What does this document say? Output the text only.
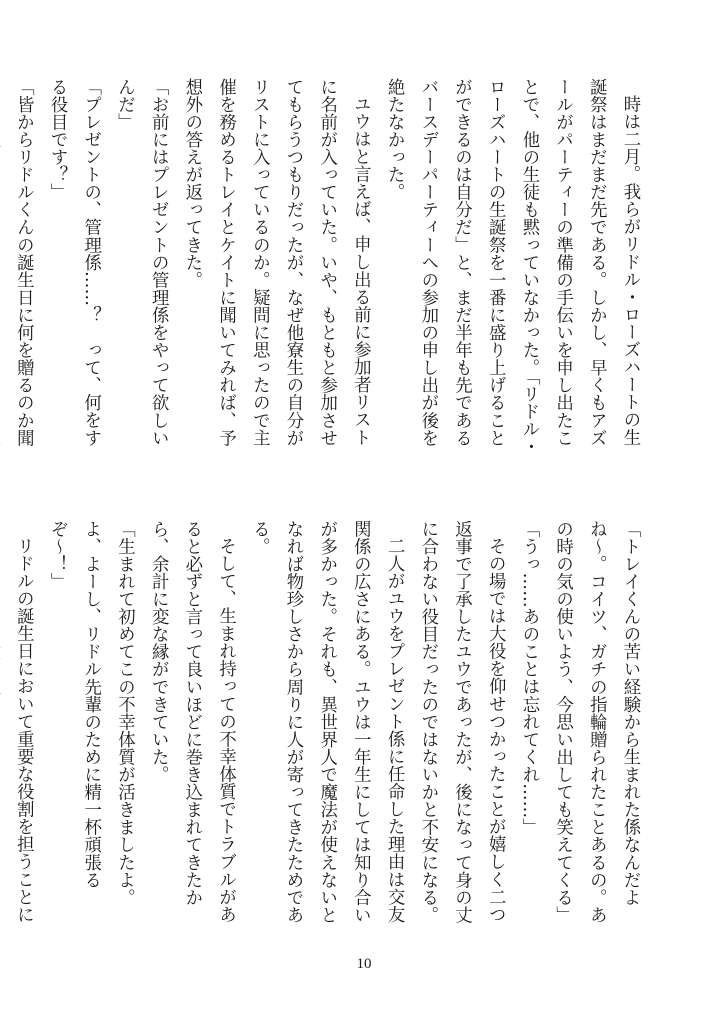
時は二月。我らがリドル・ローズハートの生誕祭はまだまだ先である。しかし、早くもアズールがパーティーの準備の手伝いを申し出たことで、他の生徒も黙っていなかった。「リドル・ローズハートの生誕祭を一番に盛り上げることができるのは自分だ」と、まだ半年も先であるバースデーパーティーへの参加の申し出が後を絶たなかった。

ユウはと言えば、申し出る前に参加者リストに名前が入っていた。いや、もともと参加させてもらうつもりだったが、なぜ他寮生の自分がリストに入っているのか。疑問に思ったので主催を務めるトレイとケイトに聞いてみれば、予想外の答えが返ってきた。

「お前にはプレゼントの管理係をやって欲しいんだ」

「プレゼントの、管理係……？　って、何をする役目です？」

「皆からリドルくんの誕生日に何を贈るのか聞

「トレイくんの苦い経験から生まれた係なんだよね〜。コイツ、ガチの指輪贈られたことあるの。あの時の気の使いよう、今思い出しても笑えてくる」

「うっ……あのことは忘れてくれ……」

その場では大役を仰せつかったことが嬉しく二つ返事で了承したユウであったが、後になって身の丈に合わない役目だったのではないかと不安になる。

二人がユウをプレゼント係に任命した理由は交友関係の広さにある。ユウは一年生にしては知り合いが多かった。それも、異世界人で魔法が使えないとなれば物珍しさから周りに人が寄ってきたためである。

そして、生まれ持っての不幸体質でトラブルがあると必ずと言って良いほどに巻き込まれてきたから、余計に変な縁ができていた。

「生まれて初めてこの不幸体質が活きましたよ。よ、よーし、リドル先輩のために精一杯頑張るぞ〜！」

リドルの誕生日において重要な役割を担うことに

10
